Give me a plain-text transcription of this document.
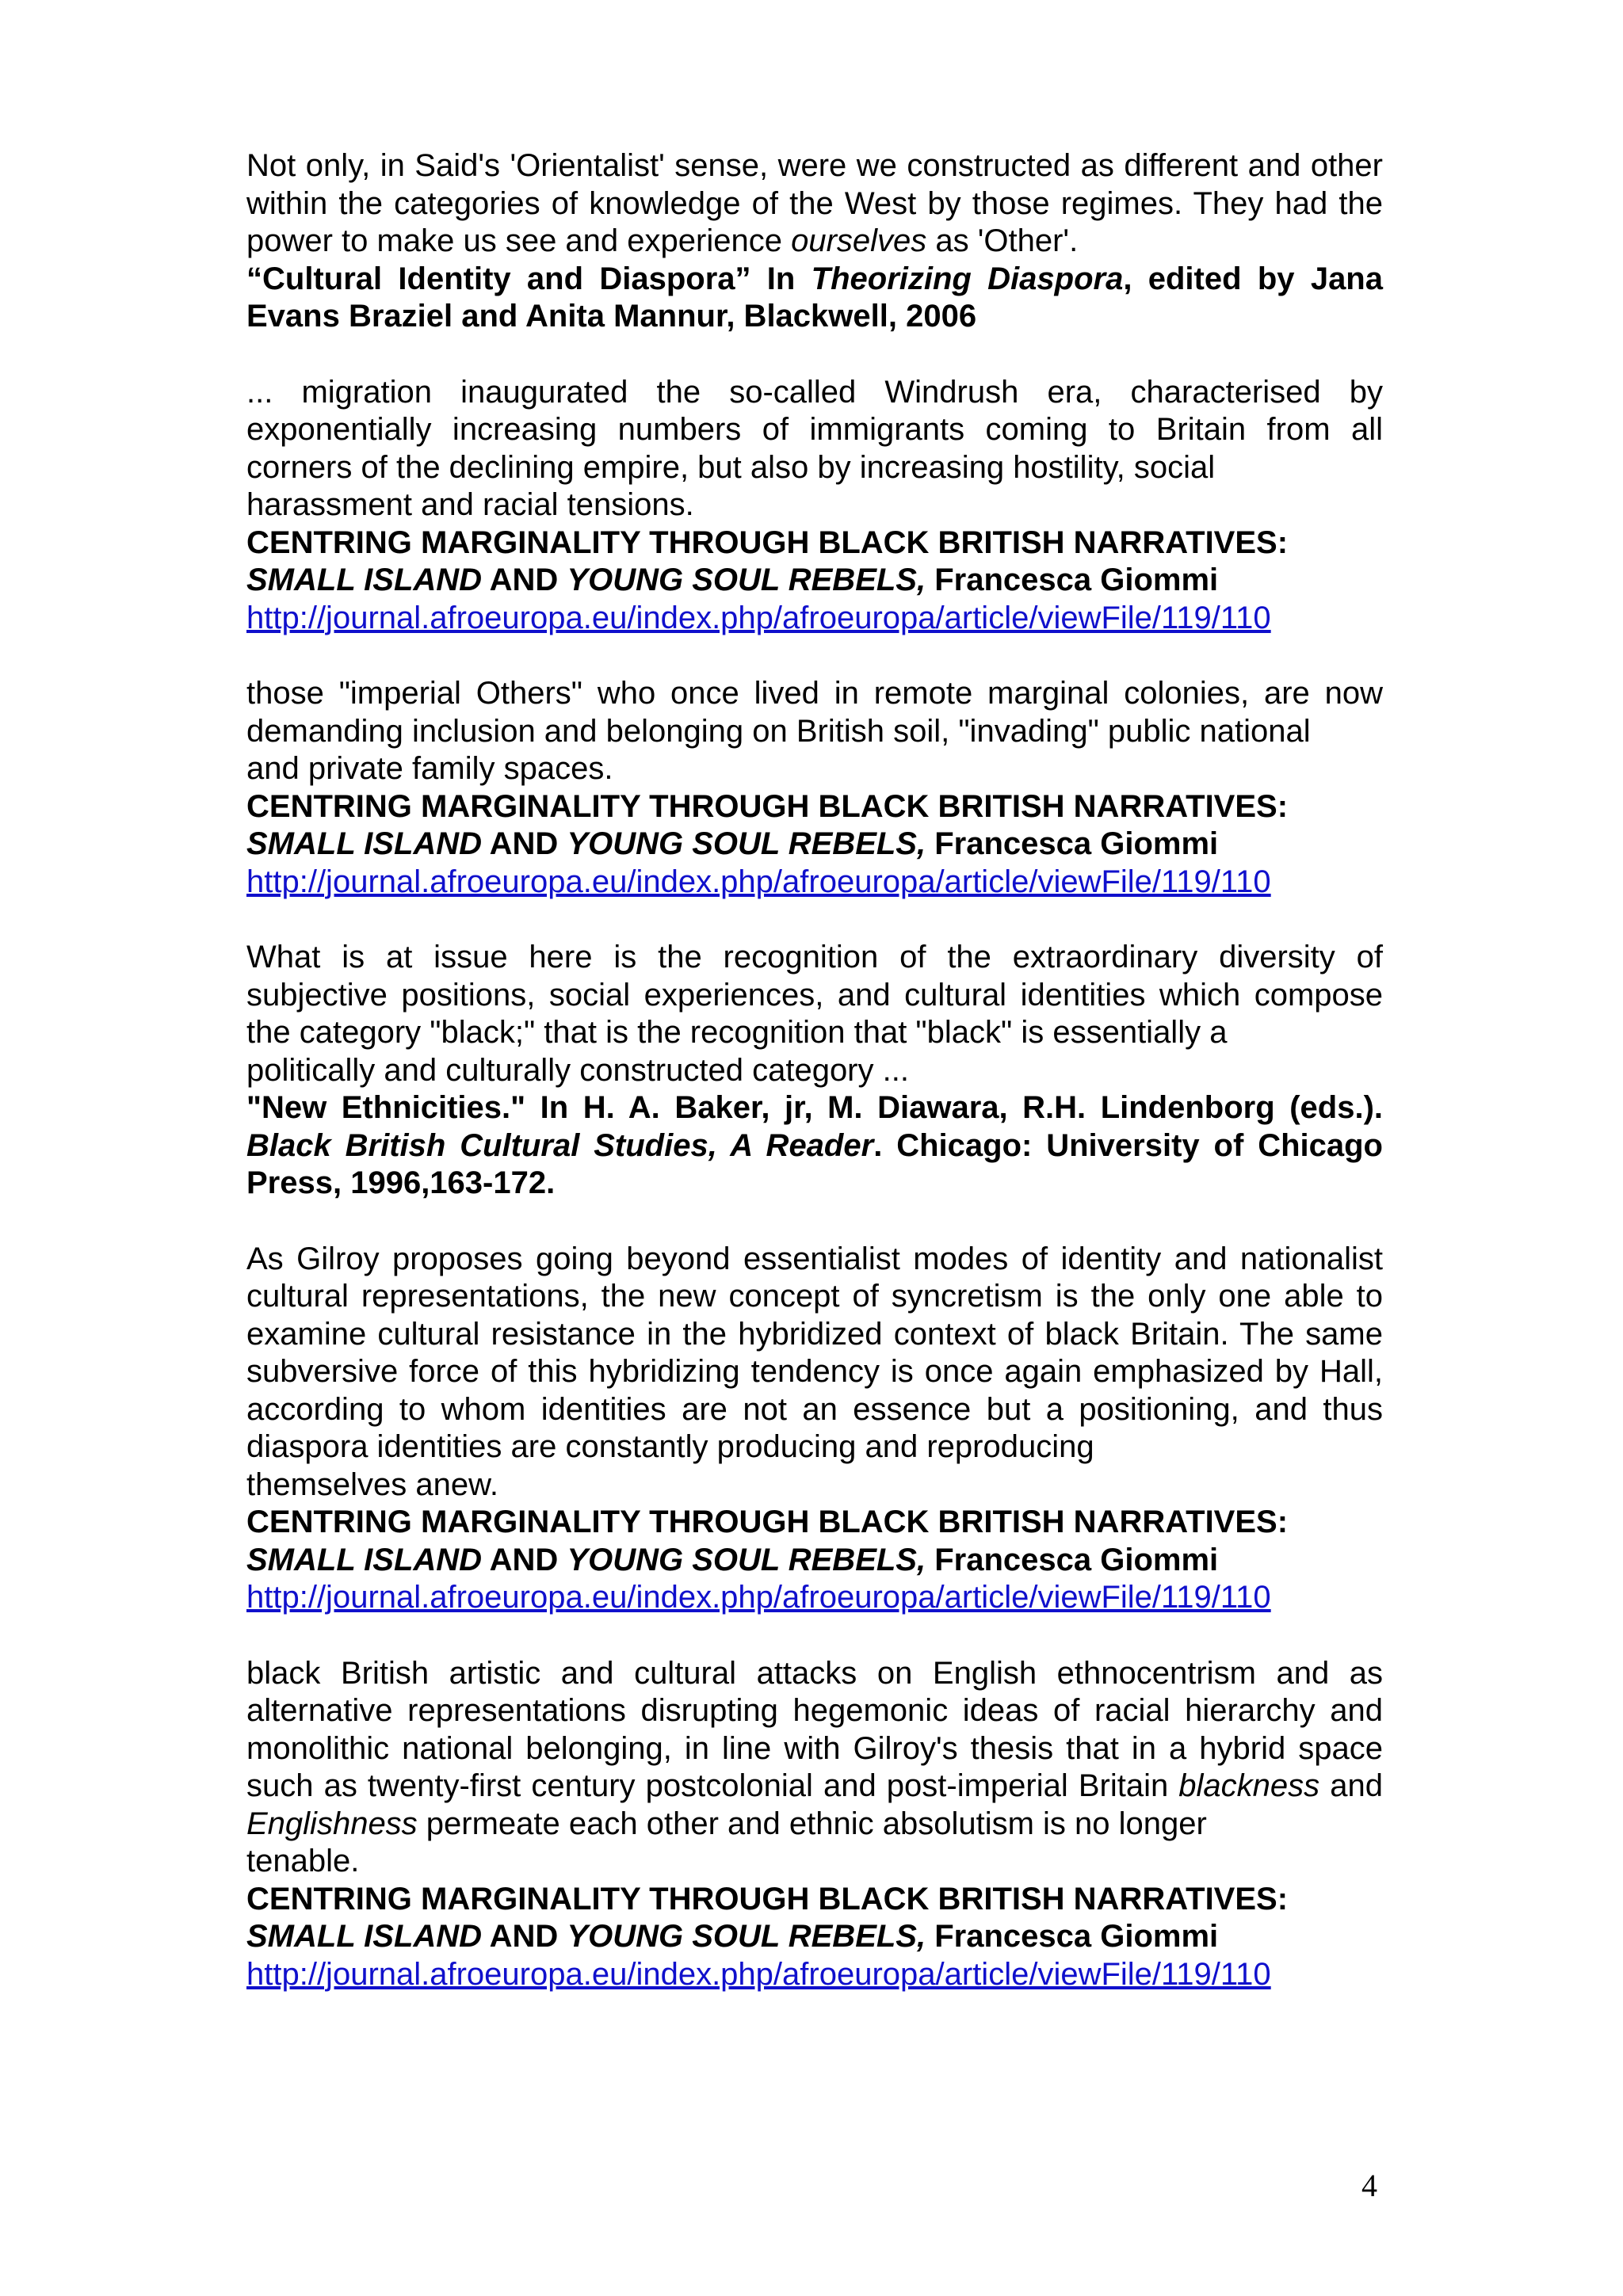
Not only, in Said's 'Orientalist' sense, were we constructed as different and other within the categories of knowledge of the West by those regimes. They had the power to make us see and experience ourselves as 'Other'.

“Cultural Identity and Diaspora” In Theorizing Diaspora, edited by Jana Evans Braziel and Anita Mannur, Blackwell, 2006

... migration inaugurated the so-called Windrush era, characterised by exponentially increasing numbers of immigrants coming to Britain from all corners of the declining empire, but also by increasing hostility, social

harassment and racial tensions.

CENTRING MARGINALITY THROUGH BLACK BRITISH NARRATIVES:

SMALL ISLAND AND YOUNG SOUL REBELS, Francesca Giommi

http://journal.afroeuropa.eu/index.php/afroeuropa/article/viewFile/119/110

those "imperial Others" who once lived in remote marginal colonies, are now demanding inclusion and belonging on British soil, "invading" public national

and private family spaces.

CENTRING MARGINALITY THROUGH BLACK BRITISH NARRATIVES:

SMALL ISLAND AND YOUNG SOUL REBELS, Francesca Giommi

http://journal.afroeuropa.eu/index.php/afroeuropa/article/viewFile/119/110

What is at issue here is the recognition of the extraordinary diversity of subjective positions, social experiences, and cultural identities which compose the category "black;" that is the recognition that "black" is essentially a

politically and culturally constructed category ...

"New Ethnicities." In H. A. Baker, jr, M. Diawara, R.H. Lindenborg (eds.). Black British Cultural Studies, A Reader. Chicago: University of Chicago Press, 1996,163-172.

As Gilroy proposes going beyond essentialist modes of identity and nationalist cultural representations, the new concept of syncretism is the only one able to examine cultural resistance in the hybridized context of black Britain. The same subversive force of this hybridizing tendency is once again emphasized by Hall, according to whom identities are not an essence but a positioning, and thus diaspora identities are constantly producing and reproducing

themselves anew.

CENTRING MARGINALITY THROUGH BLACK BRITISH NARRATIVES:

SMALL ISLAND AND YOUNG SOUL REBELS, Francesca Giommi

http://journal.afroeuropa.eu/index.php/afroeuropa/article/viewFile/119/110

black British artistic and cultural attacks on English ethnocentrism and as alternative representations disrupting hegemonic ideas of racial hierarchy and monolithic national belonging, in line with Gilroy's thesis that in a hybrid space such as twenty-first century postcolonial and post-imperial Britain blackness and Englishness permeate each other and ethnic absolutism is no longer

tenable.

CENTRING MARGINALITY THROUGH BLACK BRITISH NARRATIVES:

SMALL ISLAND AND YOUNG SOUL REBELS, Francesca Giommi

http://journal.afroeuropa.eu/index.php/afroeuropa/article/viewFile/119/110
4
